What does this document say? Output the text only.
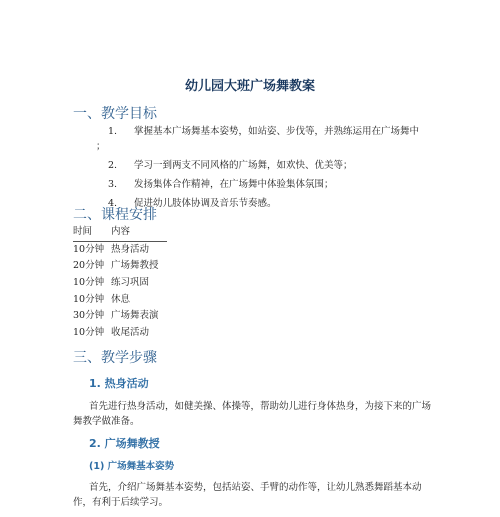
幼儿园大班广场舞教案
一、教学目标
1. 掌握基本广场舞基本姿势，如站姿、步伐等，并熟练运用在广场舞中
；
2. 学习一到两支不同风格的广场舞，如欢快、优美等；
3. 发扬集体合作精神，在广场舞中体验集体氛围；
4. 促进幼儿肢体协调及音乐节奏感。
二、课程安排
时间	内容
10分钟	热身活动
20分钟	广场舞教授
10分钟	练习巩固
10分钟	休息
30分钟	广场舞表演
10分钟	收尾活动
三、教学步骤
1. 热身活动
首先进行热身活动，如健美操、体操等，帮助幼儿进行身体热身，为接下来的广场舞教学做准备。
2. 广场舞教授
(1) 广场舞基本姿势
首先，介绍广场舞基本姿势，包括站姿、手臂的动作等，让幼儿熟悉舞蹈基本动作，有利于后续学习。
